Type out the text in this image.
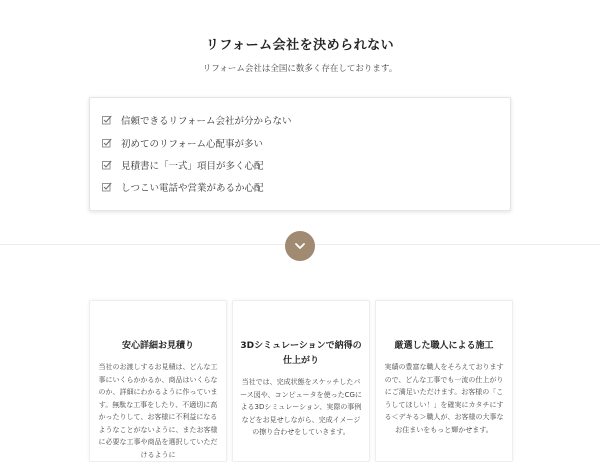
リフォーム会社を決められない
リフォーム会社は全国に数多く存在しております。
信頼できるリフォーム会社が分からない
初めてのリフォーム心配事が多い
見積書に「一式」項目が多く心配
しつこい電話や営業があるか心配
安心詳細お見積り
当社のお渡しするお見積は、どんな工事にいくらかかるか、商品はいくらなのか、詳細にわかるように作っています。無駄な工事をしたり、不適切に高かったりして、お客様に不利益になるようなことがないように、またお客様に必要な工事や商品を選択していただけるように
3Dシミュレーションで納得の仕上がり
当社では、完成状態をスケッチしたパース図や、コンピュータを使ったCGによる3Dシミュレーション、実際の事例などをお見せしながら、完成イメージの擦り合わせをしていきます。
厳選した職人による施工
実績の豊富な職人をそろえておりますので、どんな工事でも一流の仕上がりにご満足いただけます。お客様の「こうしてほしい！」を確実にカタチにする＜デキる＞職人が、お客様の大事なお住まいをもっと輝かせます。
